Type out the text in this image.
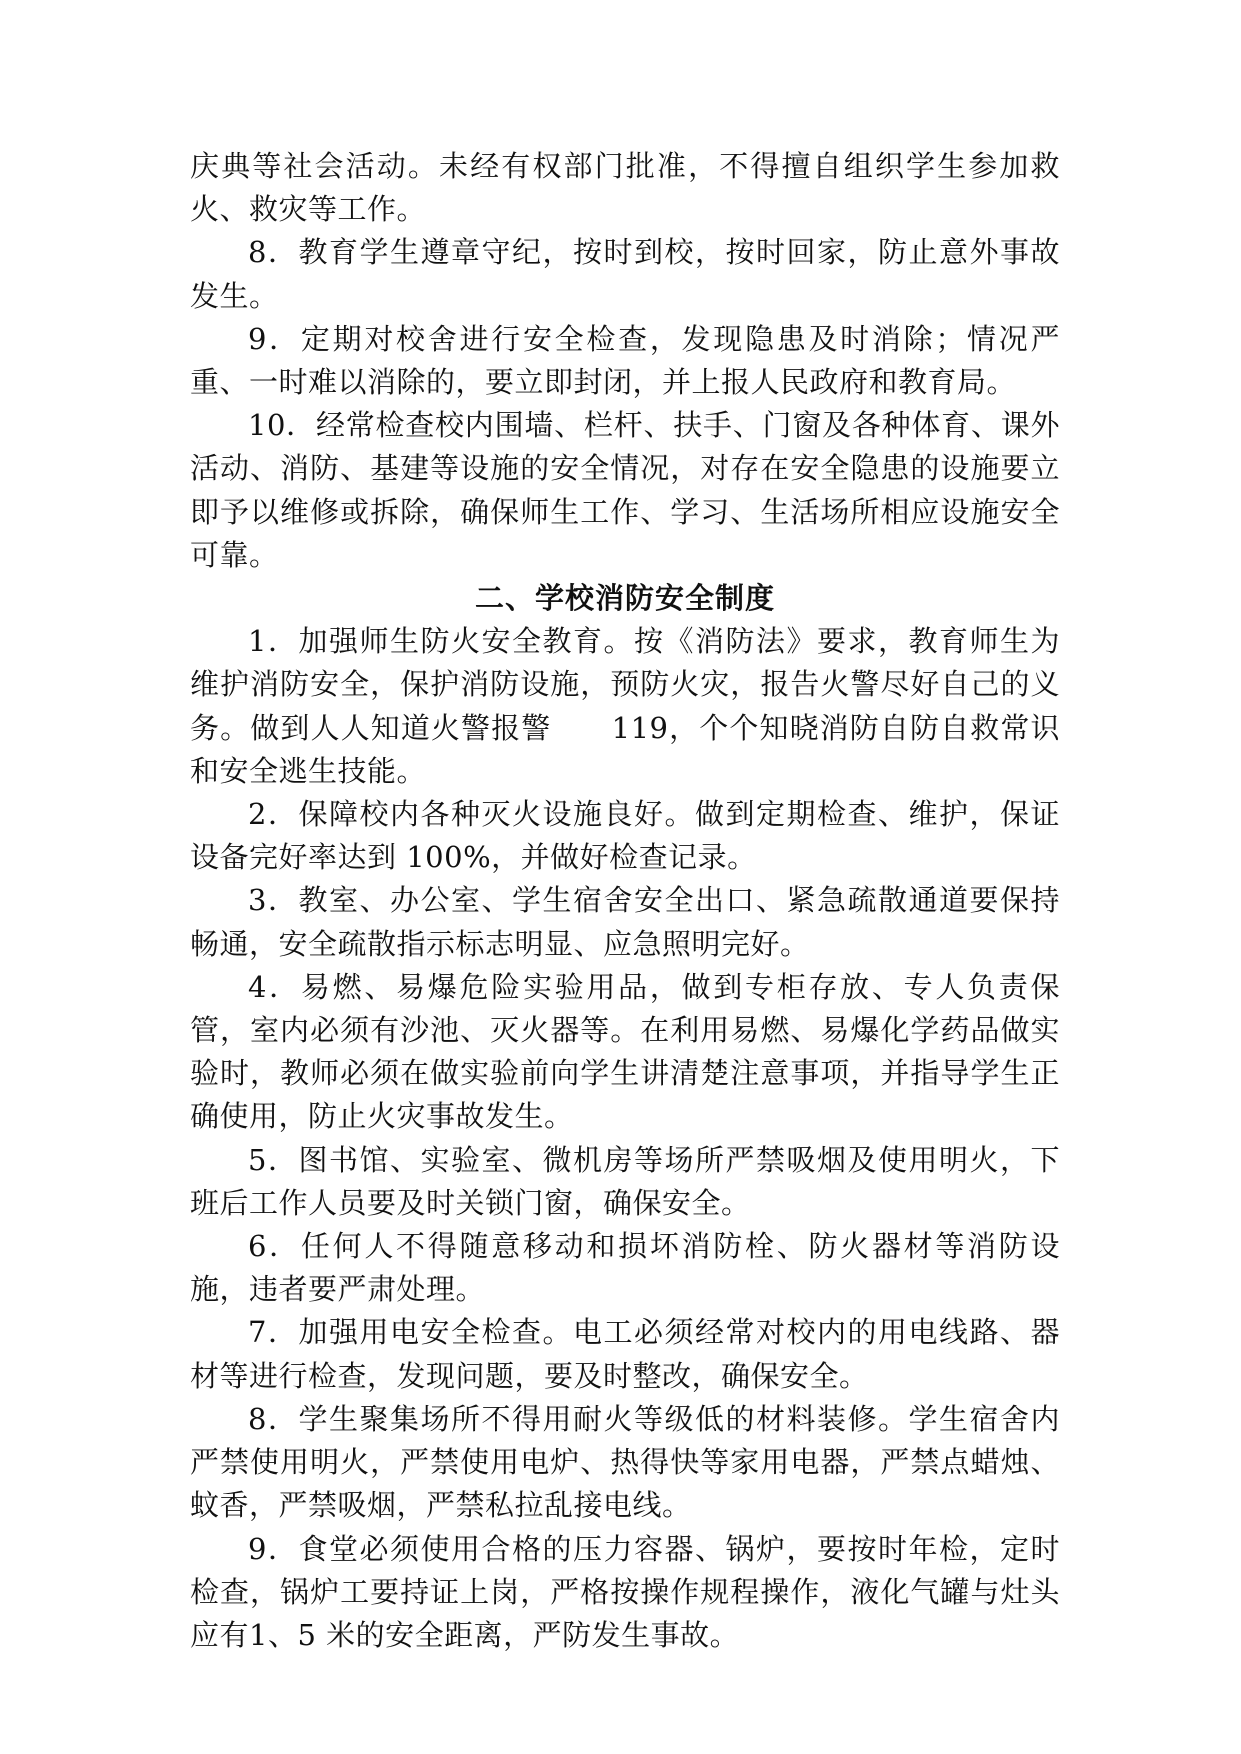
庆典等社会活动。未经有权部门批准，不得擅自组织学生参加救火、救灾等工作。

8．教育学生遵章守纪，按时到校，按时回家，防止意外事故发生。

9．定期对校舍进行安全检查，发现隐患及时消除；情况严重、一时难以消除的，要立即封闭，并上报人民政府和教育局。

10．经常检查校内围墙、栏杆、扶手、门窗及各种体育、课外活动、消防、基建等设施的安全情况，对存在安全隐患的设施要立即予以维修或拆除，确保师生工作、学习、生活场所相应设施安全可靠。

二、学校消防安全制度

1．加强师生防火安全教育。按《消防法》要求，教育师生为维护消防安全，保护消防设施，预防火灾，报告火警尽好自己的义务。做到人人知道火警报警　　119，个个知晓消防自防自救常识和安全逃生技能。

2．保障校内各种灭火设施良好。做到定期检查、维护，保证设备完好率达到 100%，并做好检查记录。

3．教室、办公室、学生宿舍安全出口、紧急疏散通道要保持畅通，安全疏散指示标志明显、应急照明完好。

4．易燃、易爆危险实验用品，做到专柜存放、专人负责保管，室内必须有沙池、灭火器等。在利用易燃、易爆化学药品做实验时，教师必须在做实验前向学生讲清楚注意事项，并指导学生正确使用，防止火灾事故发生。

5．图书馆、实验室、微机房等场所严禁吸烟及使用明火，下班后工作人员要及时关锁门窗，确保安全。

6．任何人不得随意移动和损坏消防栓、防火器材等消防设施，违者要严肃处理。

7．加强用电安全检查。电工必须经常对校内的用电线路、器材等进行检查，发现问题，要及时整改，确保安全。

8．学生聚集场所不得用耐火等级低的材料装修。学生宿舍内严禁使用明火，严禁使用电炉、热得快等家用电器，严禁点蜡烛、蚊香，严禁吸烟，严禁私拉乱接电线。

9．食堂必须使用合格的压力容器、锅炉，要按时年检，定时检查，锅炉工要持证上岗，严格按操作规程操作，液化气罐与灶头应有1、5 米的安全距离，严防发生事故。
